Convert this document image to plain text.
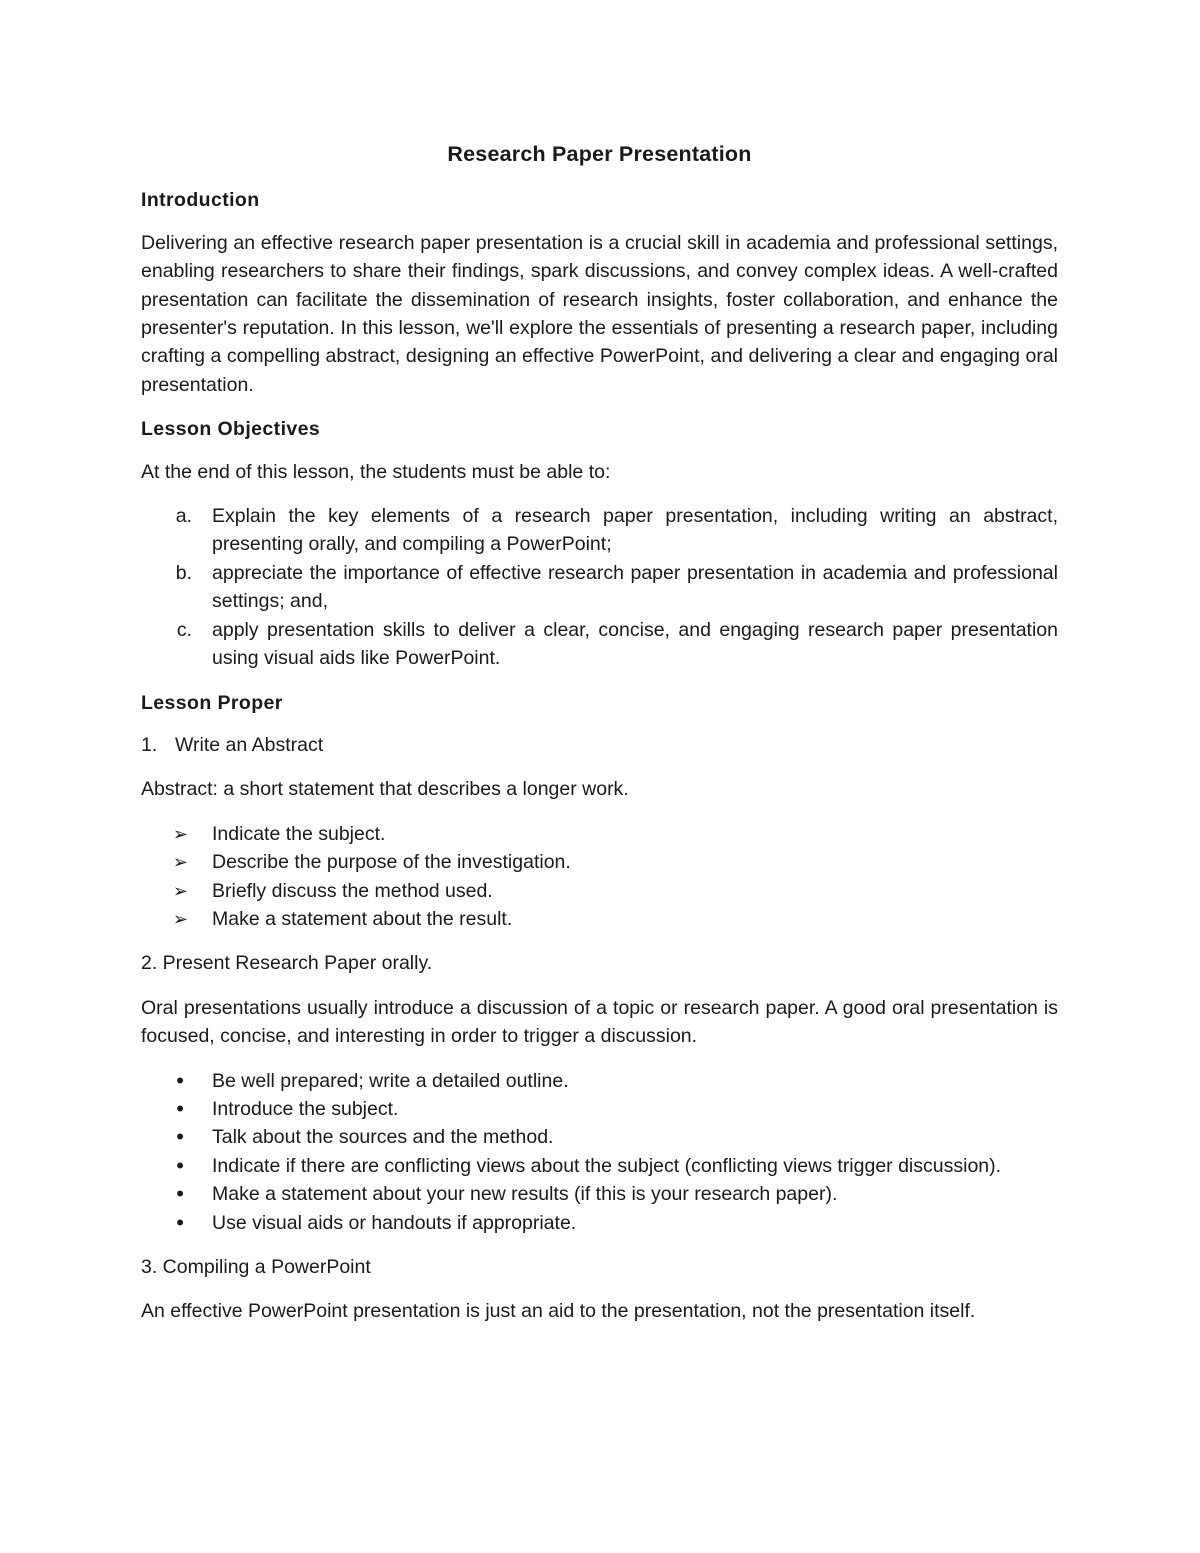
Research Paper Presentation
Introduction
Delivering an effective research paper presentation is a crucial skill in academia and professional settings, enabling researchers to share their findings, spark discussions, and convey complex ideas. A well-crafted presentation can facilitate the dissemination of research insights, foster collaboration, and enhance the presenter's reputation. In this lesson, we'll explore the essentials of presenting a research paper, including crafting a compelling abstract, designing an effective PowerPoint, and delivering a clear and engaging oral presentation.
Lesson Objectives
At the end of this lesson, the students must be able to:
a. Explain the key elements of a research paper presentation, including writing an abstract, presenting orally, and compiling a PowerPoint;
b. appreciate the importance of effective research paper presentation in academia and professional settings; and,
c. apply presentation skills to deliver a clear, concise, and engaging research paper presentation using visual aids like PowerPoint.
Lesson Proper
1. Write an Abstract
Abstract: a short statement that describes a longer work.
➢ Indicate the subject.
➢ Describe the purpose of the investigation.
➢ Briefly discuss the method used.
➢ Make a statement about the result.
2. Present Research Paper orally.
Oral presentations usually introduce a discussion of a topic or research paper. A good oral presentation is focused, concise, and interesting in order to trigger a discussion.
• Be well prepared; write a detailed outline.
• Introduce the subject.
• Talk about the sources and the method.
• Indicate if there are conflicting views about the subject (conflicting views trigger discussion).
• Make a statement about your new results (if this is your research paper).
• Use visual aids or handouts if appropriate.
3. Compiling a PowerPoint
An effective PowerPoint presentation is just an aid to the presentation, not the presentation itself.
